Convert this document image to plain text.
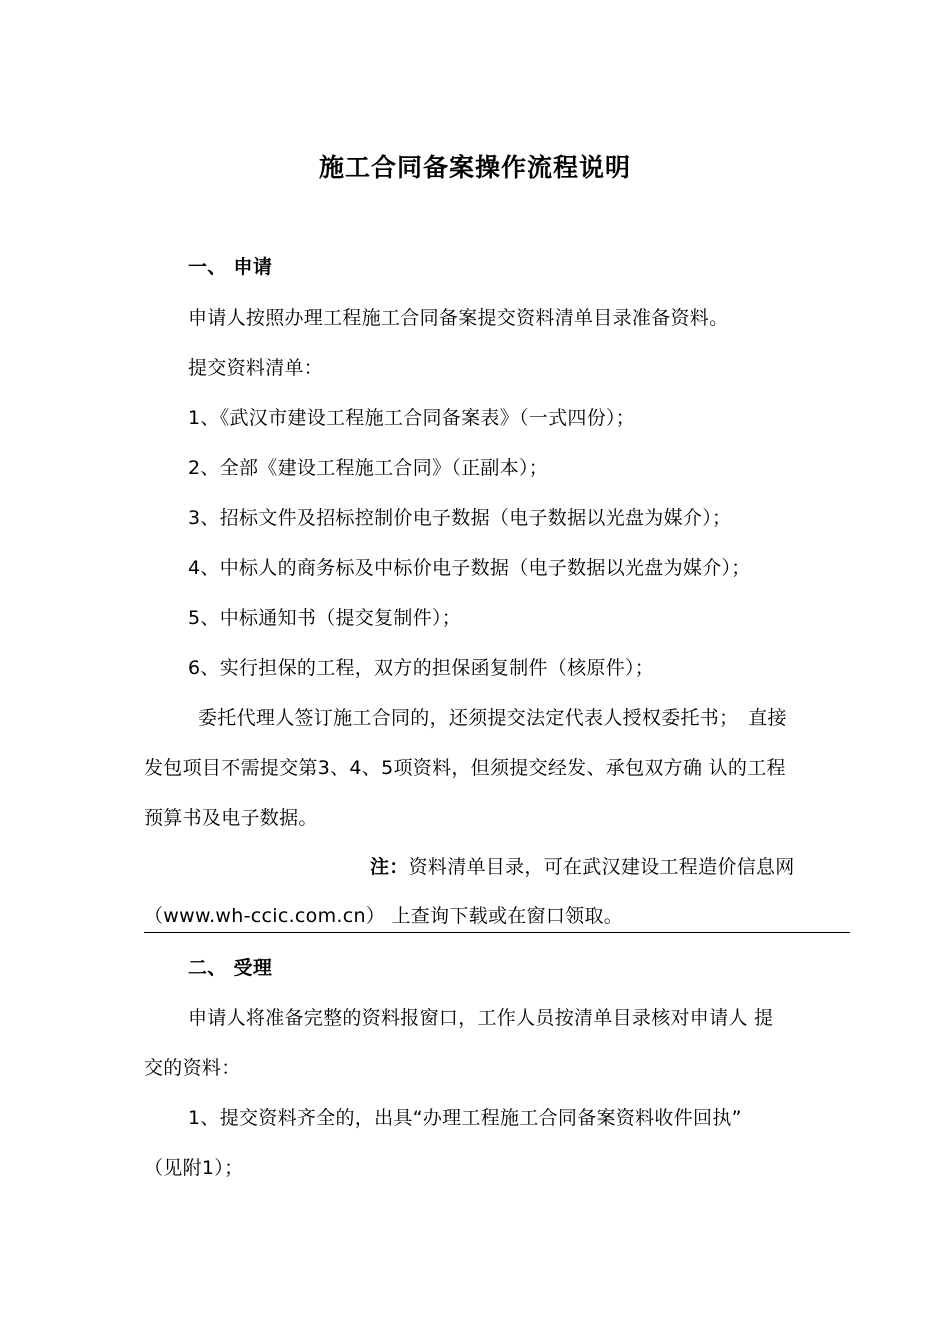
施工合同备案操作流程说明
一、 申请
申请人按照办理工程施工合同备案提交资料清单目录准备资料。
提交资料清单：
1、《武汉市建设工程施工合同备案表》（一式四份）；
2、全部《建设工程施工合同》（正副本）；
3、招标文件及招标控制价电子数据（电子数据以光盘为媒介）；
4、中标人的商务标及中标价电子数据（电子数据以光盘为媒介）；
5、中标通知书（提交复制件）；
6、实行担保的工程，双方的担保函复制件（核原件）；
委托代理人签订施工合同的，还须提交法定代表人授权委托书；　直接
发包项目不需提交第3、4、5项资料，但须提交经发、承包双方确 认的工程
预算书及电子数据。
注：资料清单目录，可在武汉建设工程造价信息网
（www.wh-ccic.com.cn） 上查询下载或在窗口领取。
二、 受理
申请人将准备完整的资料报窗口，工作人员按清单目录核对申请人 提
交的资料：
1、提交资料齐全的，出具“办理工程施工合同备案资料收件回执”
（见附1）；
